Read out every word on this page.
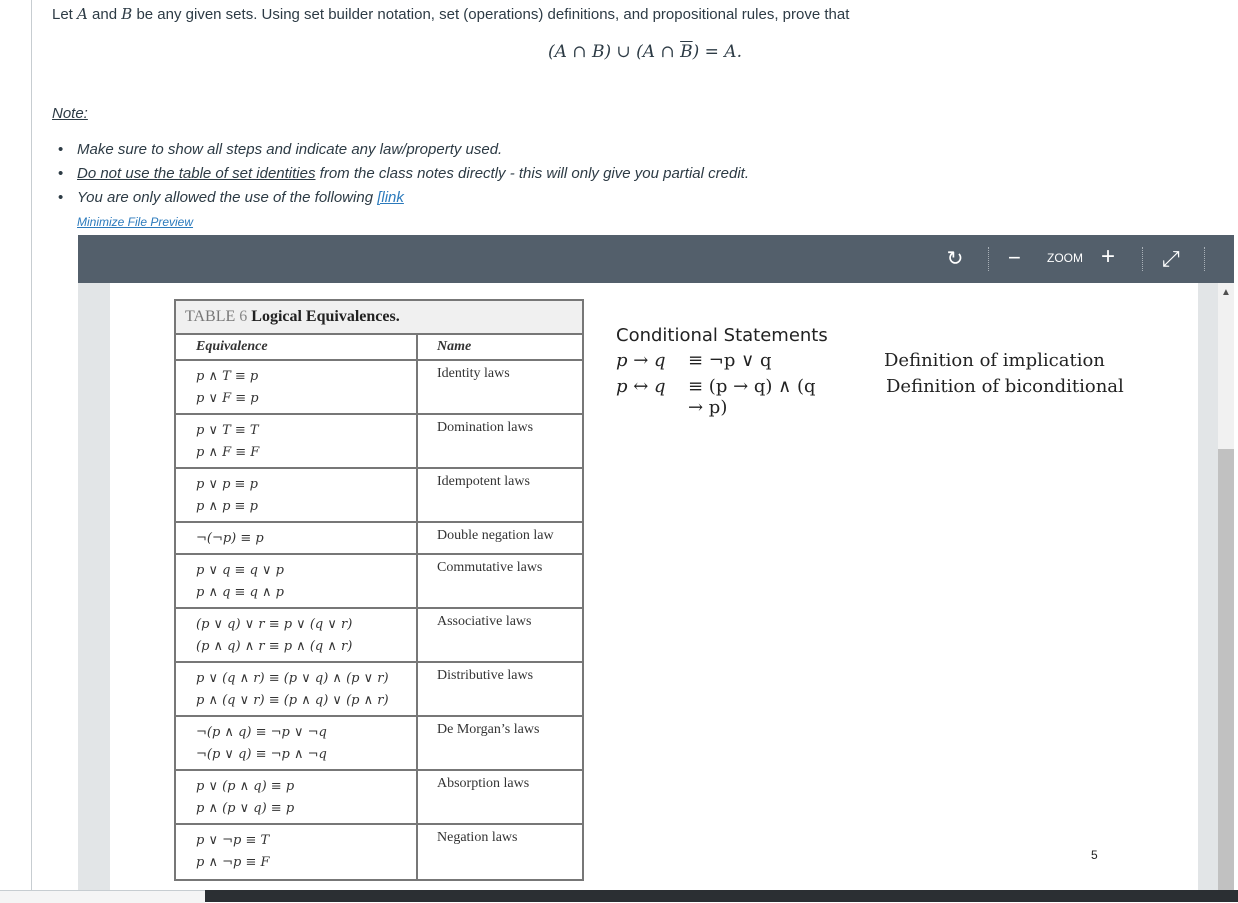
Let A and B be any given sets. Using set builder notation, set (operations) definitions, and propositional rules, prove that
(A ∩ B) ∪ (A ∩ $\overline{B}) = A$.
Note:
• Make sure to show all steps and indicate any law/property used.
• Do not use the table of set identities from the class notes directly - this will only give you partial credit.
• You are only allowed the use of the following [link
Minimize File Preview
↻ − ZOOM + ⤢
TABLE 6 Logical Equivalences.
Equivalence	Name
p ∧ T ≡ p
p ∨ F ≡ p
Identity laws
p ∨ T ≡ T
p ∧ F ≡ F
Domination laws
p ∨ p ≡ p
p ∧ p ≡ p
Idempotent laws
¬(¬p) ≡ p	Double negation law
p ∨ q ≡ q ∨ p
p ∧ q ≡ q ∧ p
Commutative laws
(p ∨ q) ∨ r ≡ p ∨ (q ∨ r)
(p ∧ q) ∧ r ≡ p ∧ (q ∧ r)
Associative laws
p ∨ (q ∧ r) ≡ (p ∨ q) ∧ (p ∨ r)
p ∧ (q ∨ r) ≡ (p ∧ q) ∨ (p ∧ r)
Distributive laws
¬(p ∧ q) ≡ ¬p ∨ ¬q
¬(p ∨ q) ≡ ¬p ∧ ¬q
De Morgan’s laws
p ∨ (p ∧ q) ≡ p
p ∧ (p ∨ q) ≡ p
Absorption laws
p ∨ ¬p ≡ T
p ∧ ¬p ≡ F
Negation laws
Conditional Statements
p → q ≡ ¬p ∨ q	Definition of implication
p ↔ q ≡ (p → q) ∧ (q → p)
Definition of biconditional
5
▲
